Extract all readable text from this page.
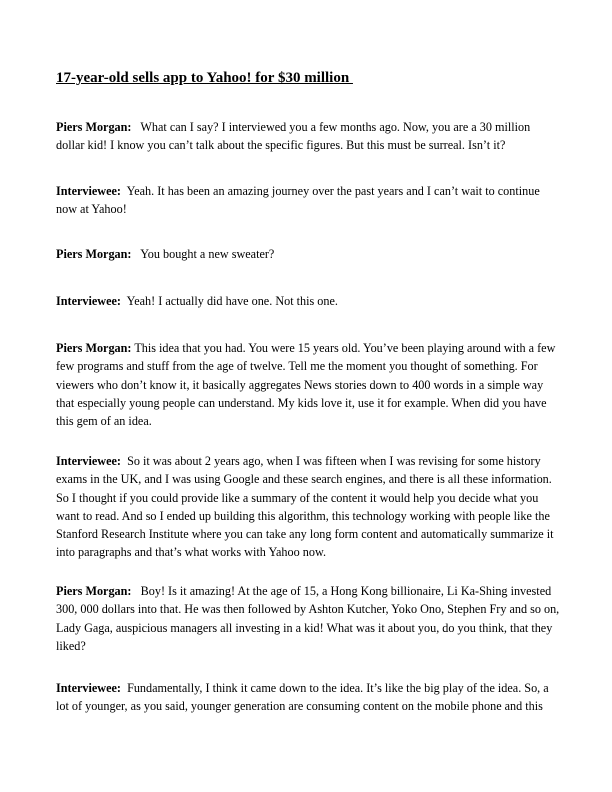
17-year-old sells app to Yahoo! for $30 million

Piers Morgan: What can I say? I interviewed you a few months ago. Now, you are a 30 million dollar kid! I know you can’t talk about the specific figures. But this must be surreal. Isn’t it?

Interviewee: Yeah. It has been an amazing journey over the past years and I can’t wait to continue now at Yahoo!

Piers Morgan: You bought a new sweater?

Interviewee: Yeah! I actually did have one. Not this one.

Piers Morgan: This idea that you had. You were 15 years old. You’ve been playing around with a few few programs and stuff from the age of twelve. Tell me the moment you thought of something. For viewers who don’t know it, it basically aggregates News stories down to 400 words in a simple way that especially young people can understand. My kids love it, use it for example. When did you have this gem of an idea.

Interviewee: So it was about 2 years ago, when I was fifteen when I was revising for some history exams in the UK, and I was using Google and these search engines, and there is all these information. So I thought if you could provide like a summary of the content it would help you decide what you want to read. And so I ended up building this algorithm, this technology working with people like the Stanford Research Institute where you can take any long form content and automatically summarize it into paragraphs and that’s what works with Yahoo now.

Piers Morgan: Boy! Is it amazing! At the age of 15, a Hong Kong billionaire, Li Ka-Shing invested 300, 000 dollars into that. He was then followed by Ashton Kutcher, Yoko Ono, Stephen Fry and so on, Lady Gaga, auspicious managers all investing in a kid! What was it about you, do you think, that they liked?

Interviewee: Fundamentally, I think it came down to the idea. It’s like the big play of the idea. So, a lot of younger, as you said, younger generation are consuming content on the mobile phone and this
